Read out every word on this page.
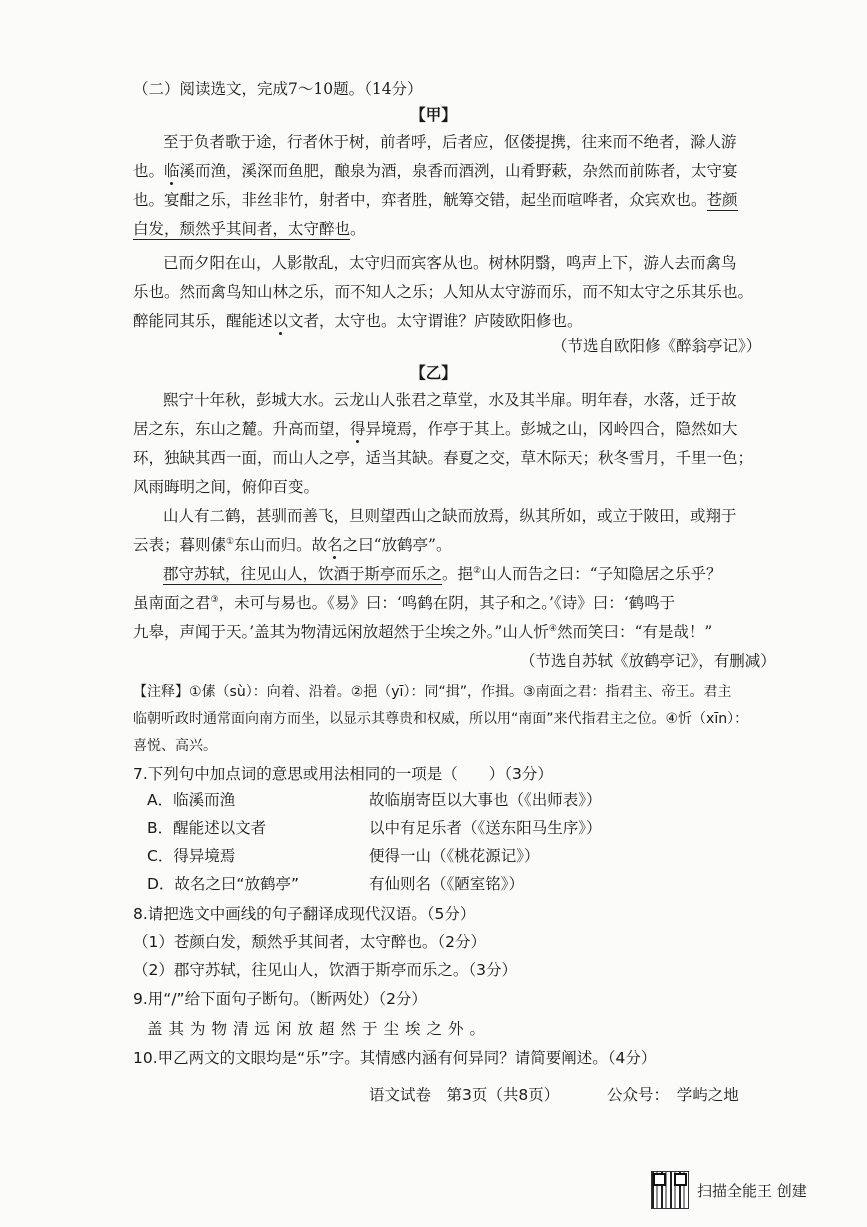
（二）阅读选文，完成7～10题。（14分）
【甲】
至于负者歌于途，行者休于树，前者呼，后者应，伛偻提携，往来而不绝者，滁人游
也。临溪而渔，溪深而鱼肥，酿泉为酒，泉香而酒洌，山肴野蔌，杂然而前陈者，太守宴
也。宴酣之乐，非丝非竹，射者中，弈者胜，觥筹交错，起坐而喧哗者，众宾欢也。苍颜
白发，颓然乎其间者，太守醉也。
已而夕阳在山，人影散乱，太守归而宾客从也。树林阴翳，鸣声上下，游人去而禽鸟
乐也。然而禽鸟知山林之乐，而不知人之乐；人知从太守游而乐，而不知太守之乐其乐也。
醉能同其乐，醒能述以文者，太守也。太守谓谁？庐陵欧阳修也。
（节选自欧阳修《醉翁亭记》）
【乙】
熙宁十年秋，彭城大水。云龙山人张君之草堂，水及其半扉。明年春，水落，迁于故
居之东，东山之麓。升高而望，得异境焉，作亭于其上。彭城之山，冈岭四合，隐然如大
环，独缺其西一面，而山人之亭，适当其缺。春夏之交，草木际天；秋冬雪月，千里一色；
风雨晦明之间，俯仰百变。
山人有二鹤，甚驯而善飞，旦则望西山之缺而放焉，纵其所如，或立于陂田，或翔于
云表；暮则傃①东山而归。故名之曰“放鹤亭”。
郡守苏轼，往见山人，饮酒于斯亭而乐之。挹②山人而告之曰：“子知隐居之乐乎？
虽南面之君③，未可与易也。《易》曰：‘鸣鹤在阴，其子和之。’《诗》曰：‘鹤鸣于
九皋，声闻于天。’盖其为物清远闲放超然于尘埃之外。”山人忻④然而笑曰：“有是哉！”
（节选自苏轼《放鹤亭记》，有删减）
【注释】①傃（sù）：向着、沿着。②挹（yī）：同“揖”，作揖。③南面之君：指君主、帝王。君主
临朝听政时通常面向南方而坐，以显示其尊贵和权威，所以用“南面”来代指君主之位。④忻（xīn）：
喜悦、高兴。
7.下列句中加点词的意思或用法相同的一项是（　　）（3分）
A．临溪而渔	故临崩寄臣以大事也（《出师表》）
B．醒能述以文者	以中有足乐者（《送东阳马生序》）
C．得异境焉	便得一山（《桃花源记》）
D．故名之曰“放鹤亭”	有仙则名（《陋室铭》）
8.请把选文中画线的句子翻译成现代汉语。（5分）
（1）苍颜白发，颓然乎其间者，太守醉也。（2分）
（2）郡守苏轼，往见山人，饮酒于斯亭而乐之。（3分）
9.用“/”给下面句子断句。（断两处）（2分）
盖其为物清远闲放超然于尘埃之外。
10.甲乙两文的文眼均是“乐”字。其情感内涵有何异同？请简要阐述。（4分）
语文试卷　第3页（共8页）	公众号：　学屿之地
扫描全能王 创建
